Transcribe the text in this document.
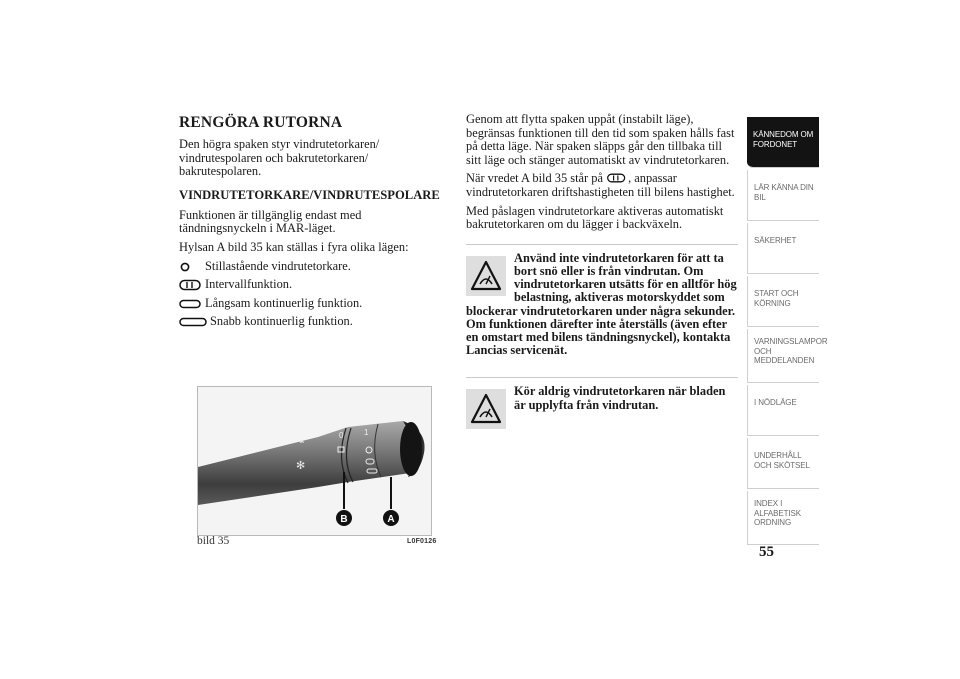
RENGÖRA RUTORNA

Den högra spaken styr vindrutetorkaren/ vindrutespolaren och bakrutetorkaren/ bakrutespolaren.

VINDRUTETORKARE/VINDRUTESPOLARE

Funktionen är tillgänglig endast med tändningsnyckeln i MAR-läget.

Hylsan A bild 35 kan ställas i fyra olika lägen:

Stillastående vindrutetorkare.
Intervallfunktion.
Långsam kontinuerlig funktion.
Snabb kontinuerlig funktion.
⌁
✻
0	1
B	A
bild 35	L0F0126

Genom att flytta spaken uppåt (instabilt läge), begränsas funktionen till den tid som spaken hålls fast på detta läge. När spaken släpps går den tillbaka till sitt läge och stänger automatiskt av vindrutetorkaren.

När vredet A bild 35 står på , anpassar vindrutetorkaren driftshastigheten till bilens hastighet.

Med påslagen vindrutetorkare aktiveras automatiskt bakrutetorkaren om du lägger i backväxeln.

Använd inte vindrutetorkaren för att ta bort snö eller is från vindrutan. Om vindrutetorkaren utsätts för en alltför hög belastning, aktiveras motorskyddet som blockerar vindrutetorkaren under några sekunder. Om funktionen därefter inte återställs (även efter en omstart med bilens tändningsnyckel), kontakta Lancias servicenät.
Kör aldrig vindrutetorkaren när bladen är upplyfta från vindrutan.
KÄNNEDOM OM FORDONET
LÄR KÄNNA DIN BIL
SÄKERHET
START OCH KÖRNING
VARNINGSLAMPOR OCH MEDDELANDEN
I NÖDLÄGE
UNDERHÅLL OCH SKÖTSEL
INDEX I ALFABETISK ORDNING
55
